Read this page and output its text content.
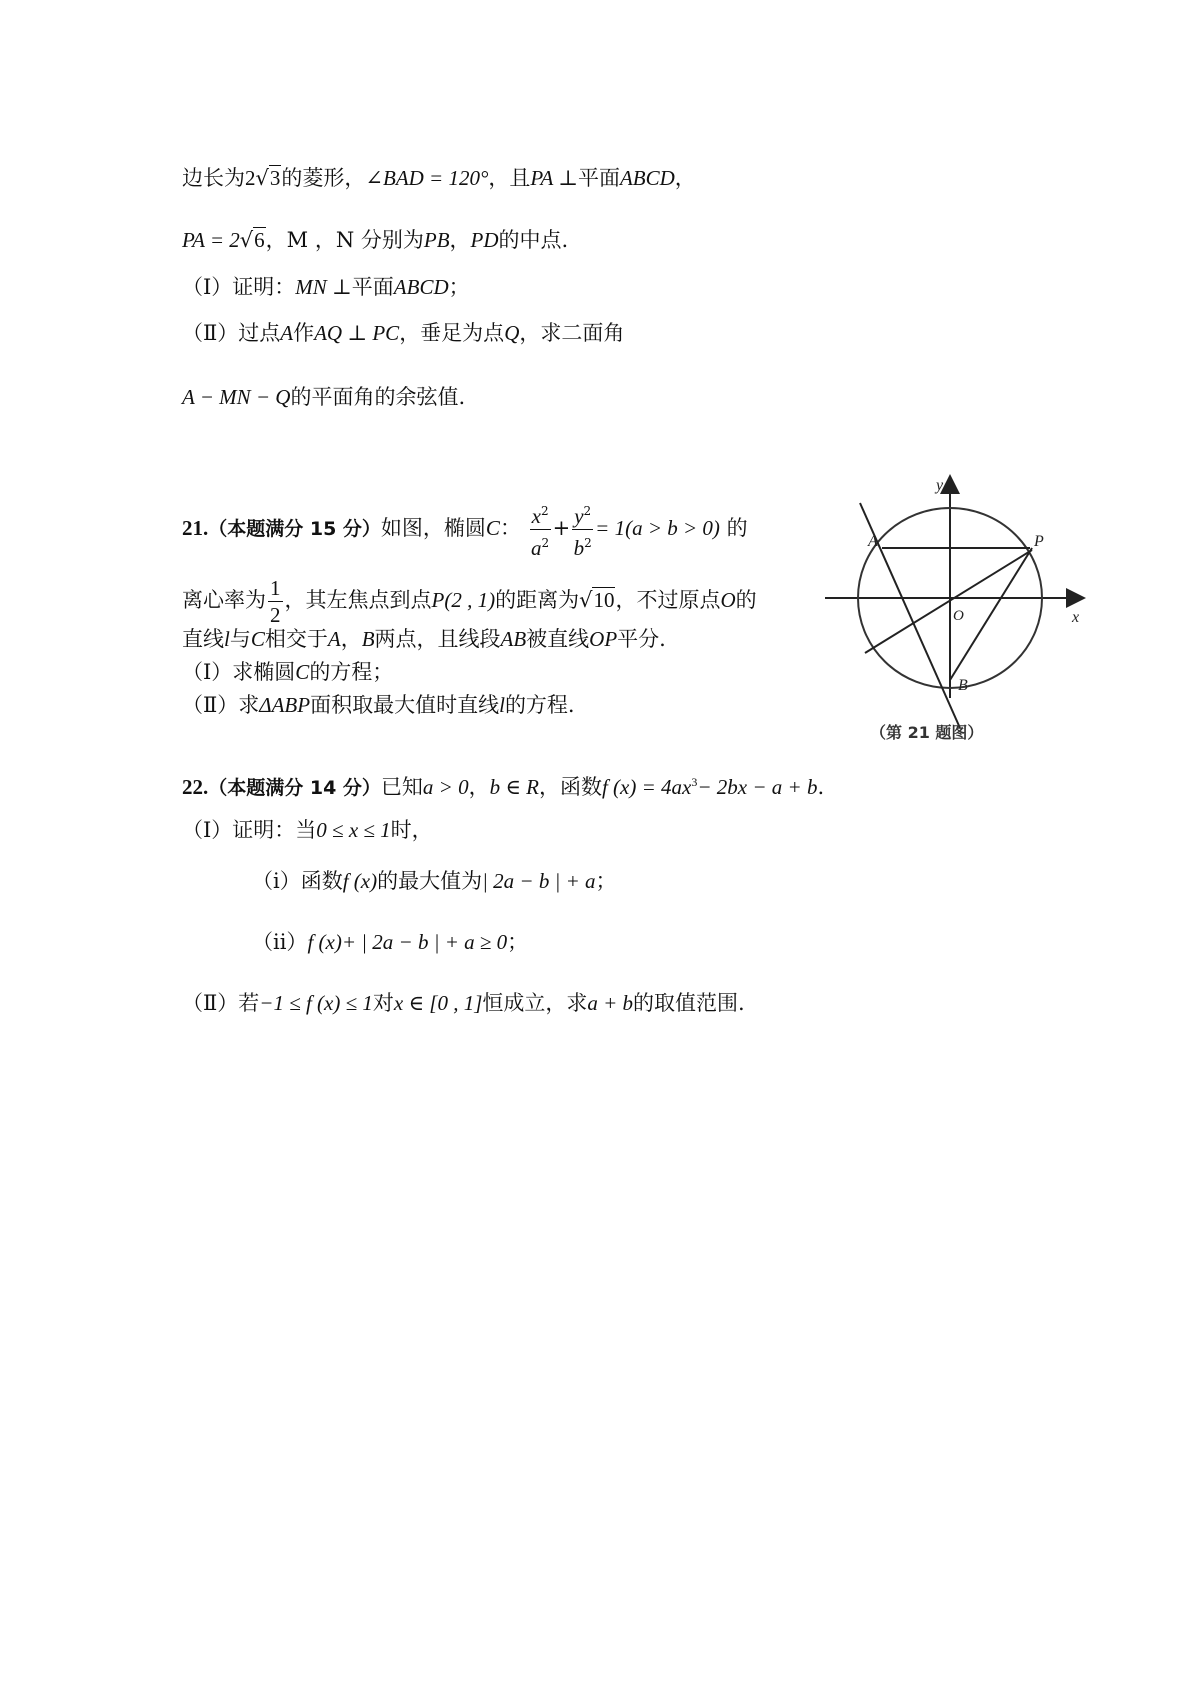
边长为2√3的菱形，∠BAD = 120°，且PA ⊥平面ABCD，
PA = 2√6，M ，N 分别为PB，PD的中点.
（Ⅰ）证明：MN ⊥平面ABCD；
（Ⅱ）过点A作AQ ⊥ PC，垂足为点Q，求二面角
A − MN − Q的平面角的余弦值.
21.（本题满分 15 分）如图，椭圆C： $\frac{x^2}{a^2} + \frac{y^2}{b^2} = 1(a > b > 0)$ 的
离心率为 $\frac{1}{2}$ ，其左焦点到点P(2 , 1)的距离为√10，不过原点O的
直线l与C相交于A，B两点，且线段AB被直线OP平分.
（Ⅰ）求椭圆C的方程；
（Ⅱ）求ΔABP面积取最大值时直线l的方程.
y
x
O
A	P
B
（第 21 题图）
22.（本题满分 14 分）已知a > 0，b ∈ R，函数f $(x) = 4ax^3- 2bx - a + b$.
（Ⅰ）证明：当0 ≤ x ≤ 1时，
（i）函数f (x)的最大值为| 2a − b | + a；
（ii）f (x)+ | 2a − b | + a ≥ 0；
（Ⅱ）若−1 ≤ f (x) ≤ 1对x ∈ [0 , 1]恒成立，求a + b的取值范围.
